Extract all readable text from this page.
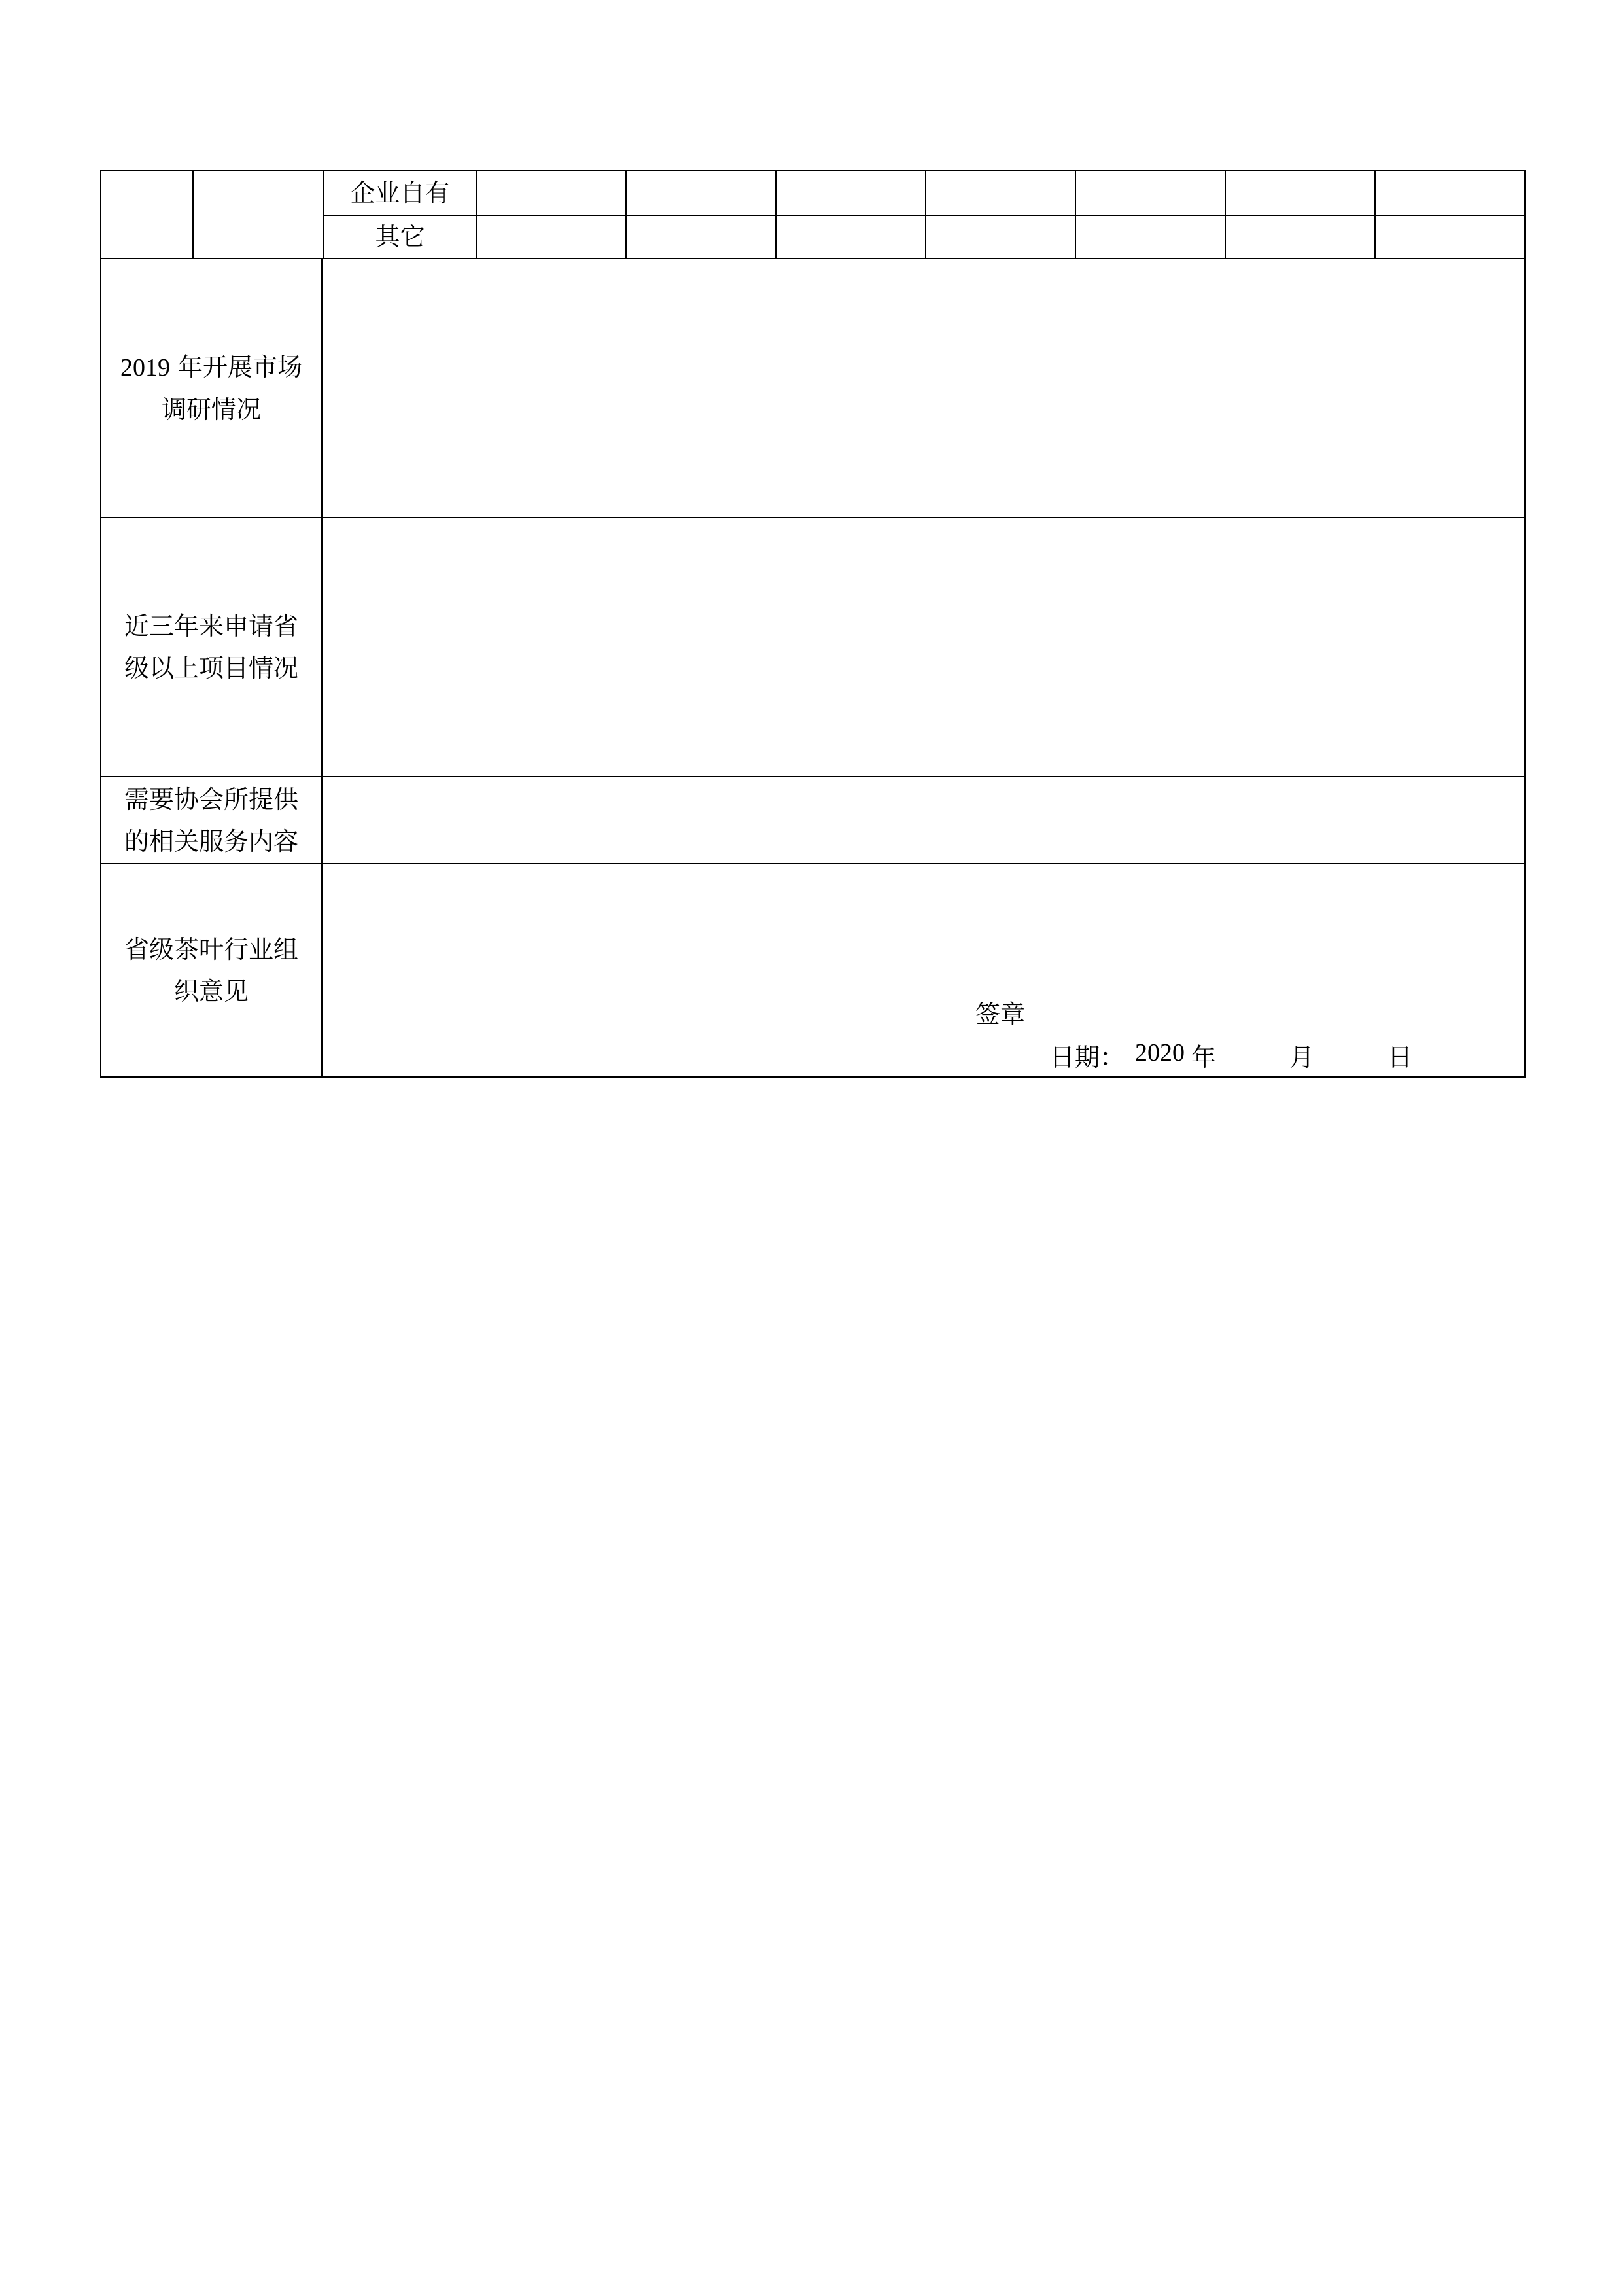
企业自有
其它
2019 年开展市场调研情况
近三年来申请省级以上项目情况
需要协会所提供的相关服务内容
省级茶叶行业组织意见
签章
日期： 2020 年	月	日
